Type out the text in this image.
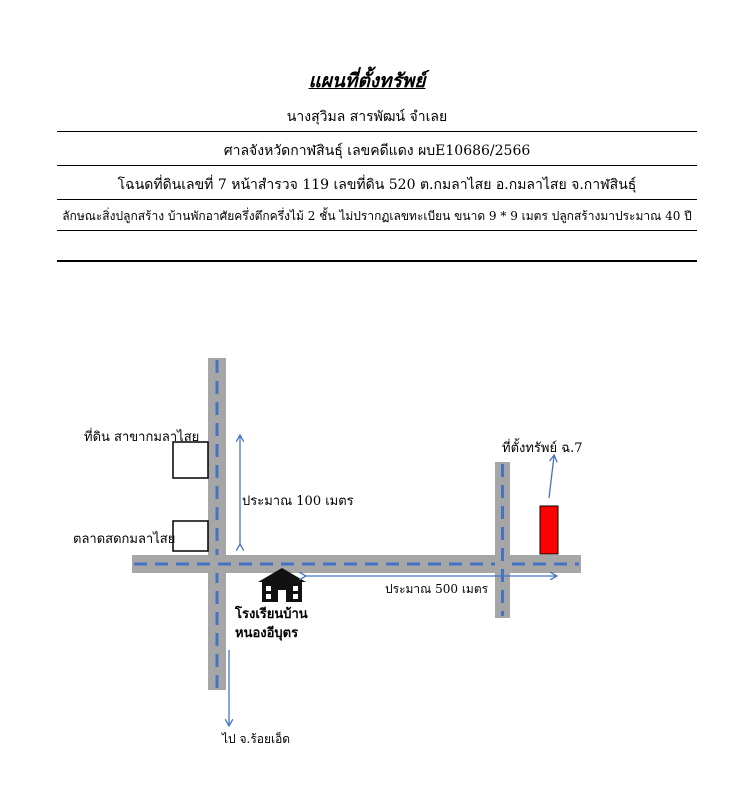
แผนที่ตั้งทรัพย์
นางสุวิมล สารพัฒน์ จำเลย
ศาลจังหวัดกาฬสินธุ์ เลขคดีแดง ผบE10686/2566
โฉนดที่ดินเลขที่ 7 หน้าสำรวจ 119 เลขที่ดิน 520 ต.กมลาไสย อ.กมลาไสย จ.กาฬสินธุ์
ลักษณะสิ่งปลูกสร้าง บ้านพักอาศัยครึ่งตึกครึ่งไม้ 2 ชั้น ไม่ปรากฏเลขทะเบียน ขนาด 9 * 9 เมตร ปลูกสร้างมาประมาณ 40 ปี
ที่ดิน สาขากมลาไสย
ตลาดสดกมลาไสย
ประมาณ 100 เมตร
ประมาณ 500 เมตร
โรงเรียนบ้าน
หนองอีบุตร
ที่ตั้งทรัพย์ ฉ.7
ไป จ.ร้อยเอ็ด
